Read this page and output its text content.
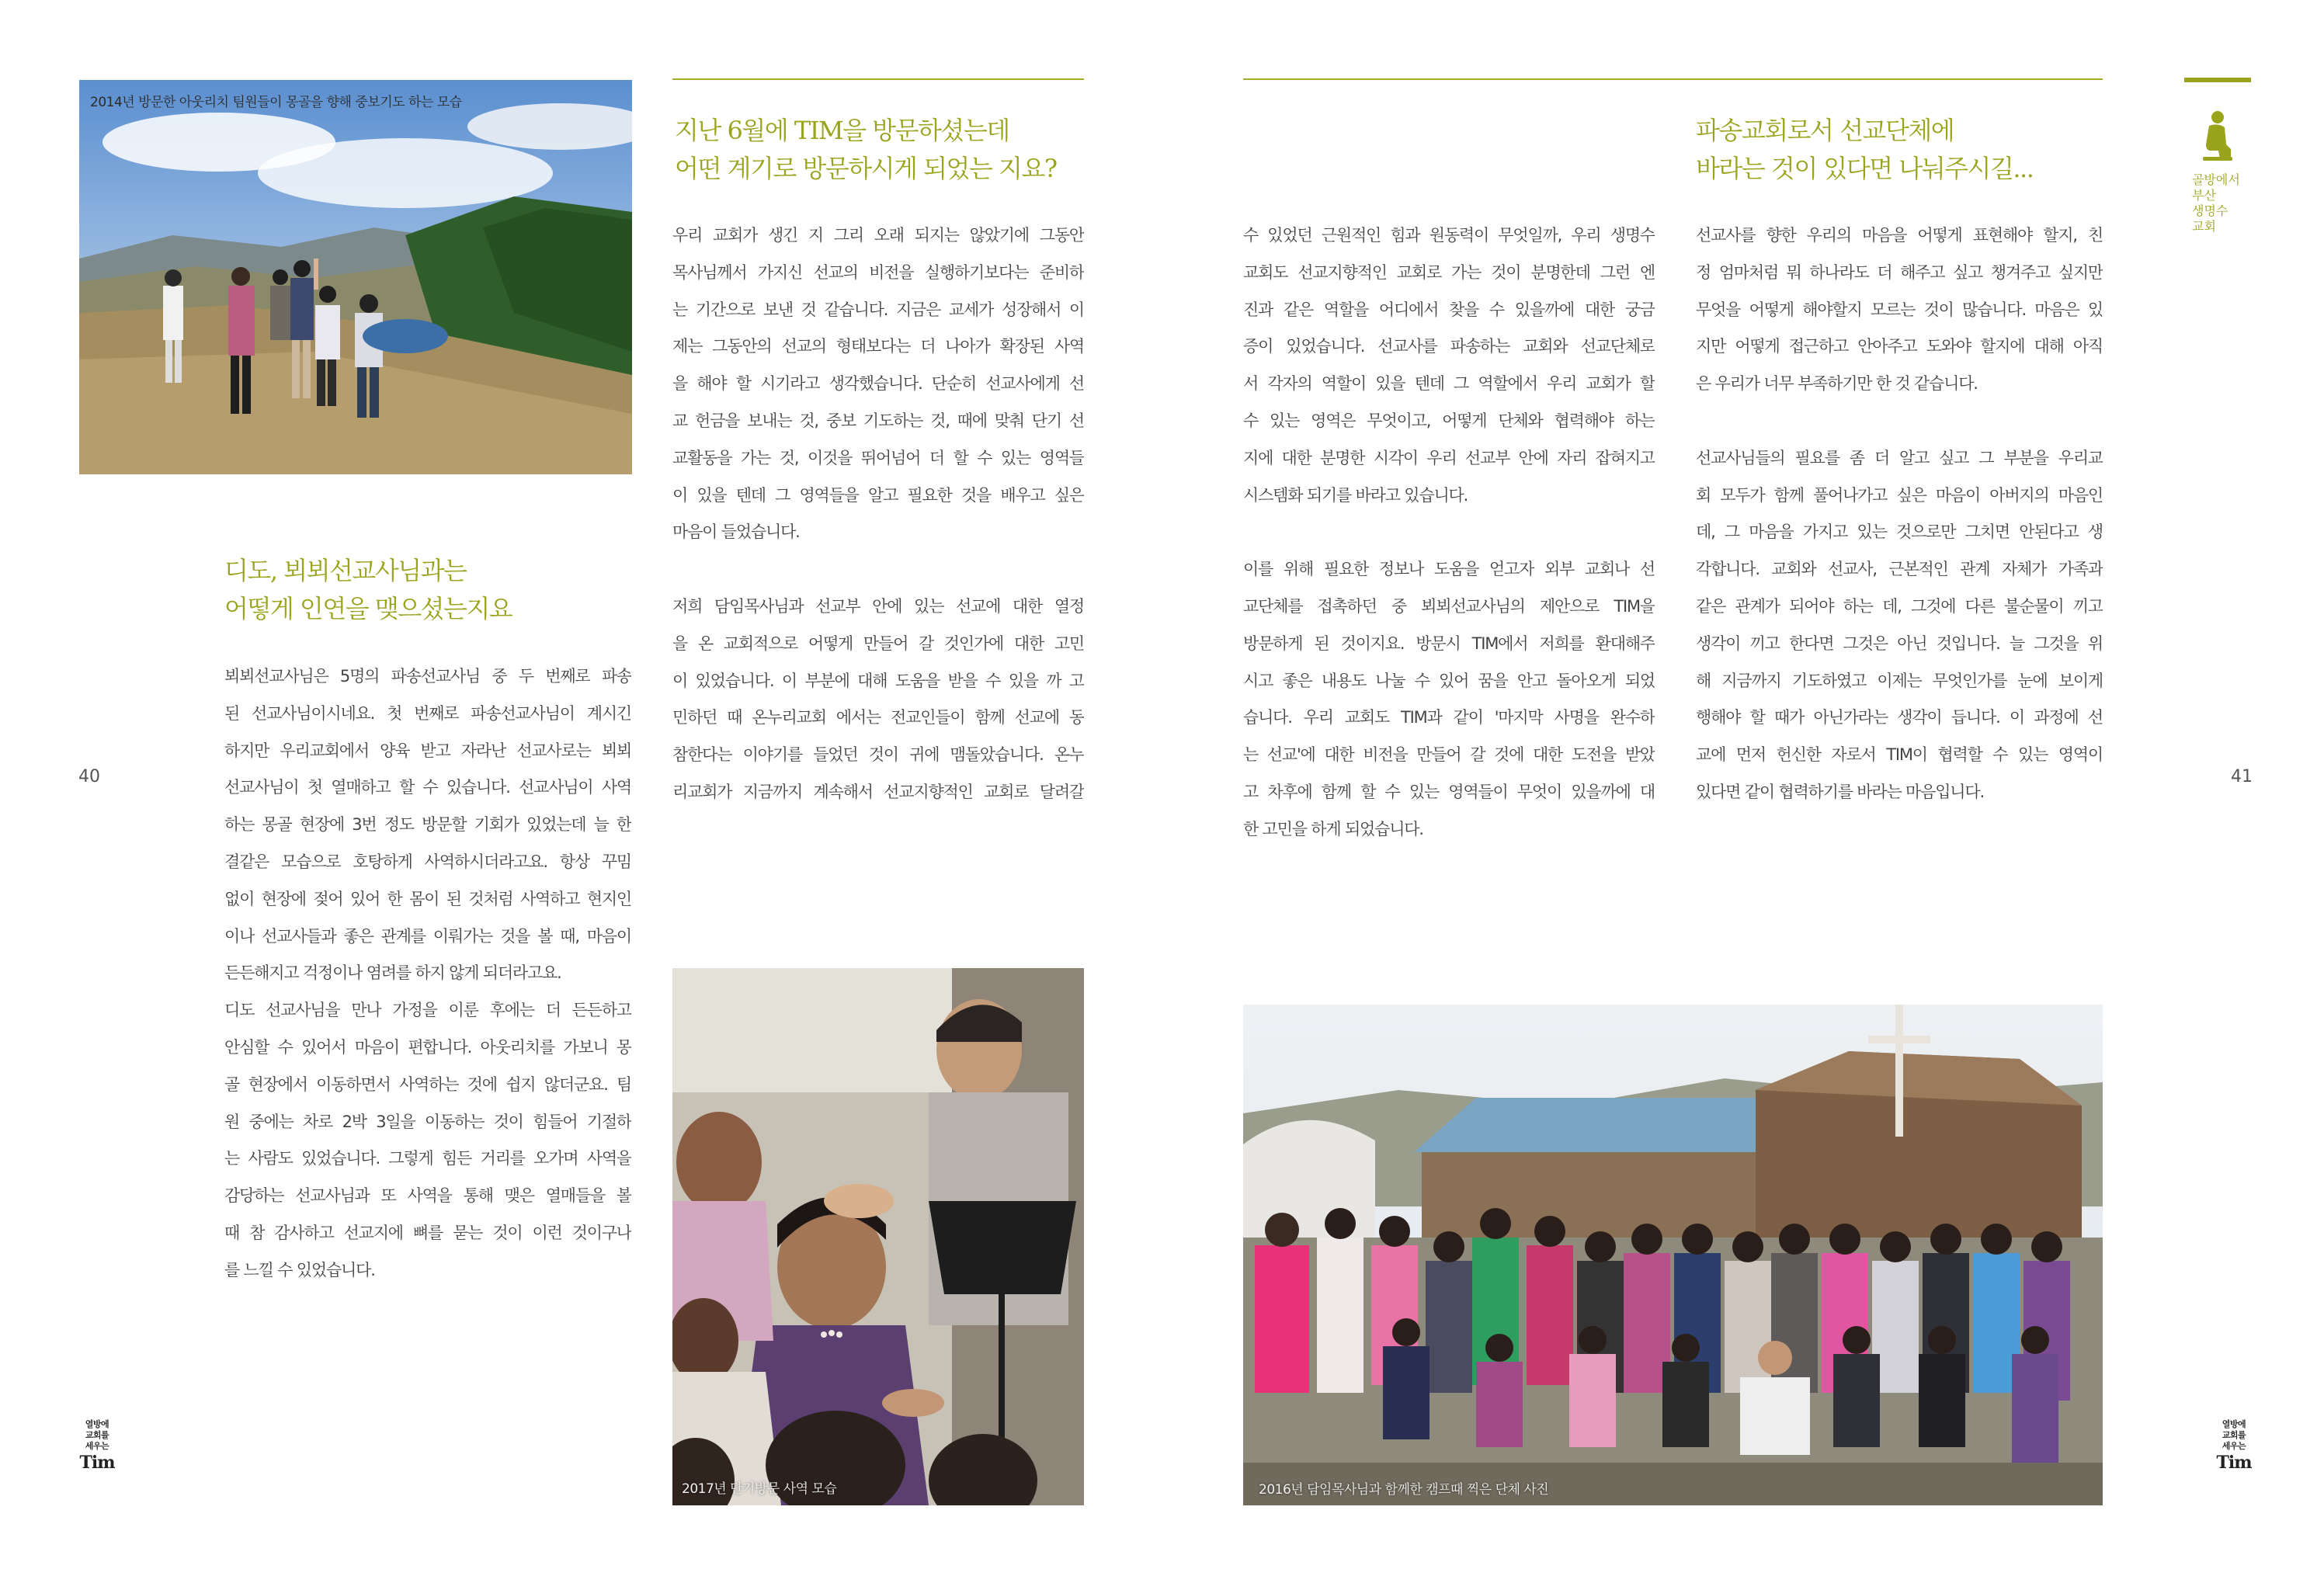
2014년 방문한 아웃리치 팀원들이 몽골을 향해 중보기도 하는 모습
2017년 단기방문 사역 모습	2016년 담임목사님과 함께한 캠프때 찍은 단체 사진
지난 6월에 TIM을 방문하셨는데
어떤 계기로 방문하시게 되었는 지요?

우리 교회가 생긴 지 그리 오래 되지는 않았기에 그동안
목사님께서 가지신 선교의 비전을 실행하기보다는 준비하
는 기간으로 보낸 것 같습니다. 지금은 교세가 성장해서 이
제는 그동안의 선교의 형태보다는 더 나아가 확장된 사역
을 해야 할 시기라고 생각했습니다. 단순히 선교사에게 선
교 헌금을 보내는 것, 중보 기도하는 것, 때에 맞춰 단기 선
교활동을 가는 것, 이것을 뛰어넘어 더 할 수 있는 영역들
이 있을 텐데 그 영역들을 알고 필요한 것을 배우고 싶은
마음이 들었습니다.

저희 담임목사님과 선교부 안에 있는 선교에 대한 열정
을 온 교회적으로 어떻게 만들어 갈 것인가에 대한 고민
이 있었습니다. 이 부분에 대해 도움을 받을 수 있을 까 고
민하던 때 온누리교회 에서는 전교인들이 함께 선교에 동
참한다는 이야기를 들었던 것이 귀에 맴돌았습니다. 온누
리교회가 지금까지 계속해서 선교지향적인 교회로 달려갈

수 있었던 근원적인 힘과 원동력이 무엇일까, 우리 생명수
교회도 선교지향적인 교회로 가는 것이 분명한데 그런 엔
진과 같은 역할을 어디에서 찾을 수 있을까에 대한 궁금
증이 있었습니다. 선교사를 파송하는 교회와 선교단체로
서 각자의 역할이 있을 텐데 그 역할에서 우리 교회가 할
수 있는 영역은 무엇이고, 어떻게 단체와 협력해야 하는
지에 대한 분명한 시각이 우리 선교부 안에 자리 잡혀지고
시스템화 되기를 바라고 있습니다.

이를 위해 필요한 정보나 도움을 얻고자 외부 교회나 선
교단체를 접촉하던 중 뵈뵈선교사님의 제안으로 TIM을
방문하게 된 것이지요. 방문시 TIM에서 저희를 환대해주
시고 좋은 내용도 나눌 수 있어 꿈을 안고 돌아오게 되었
습니다. 우리 교회도 TIM과 같이 '마지막 사명을 완수하
는 선교'에 대한 비전을 만들어 갈 것에 대한 도전을 받았
고 차후에 함께 할 수 있는 영역들이 무엇이 있을까에 대
한 고민을 하게 되었습니다.

디도, 뵈뵈선교사님과는
어떻게 인연을 맺으셨는지요

뵈뵈선교사님은 5명의 파송선교사님 중 두 번째로 파송
된 선교사님이시네요. 첫 번째로 파송선교사님이 계시긴
하지만 우리교회에서 양육 받고 자라난 선교사로는 뵈뵈
선교사님이 첫 열매하고 할 수 있습니다. 선교사님이 사역
하는 몽골 현장에 3번 정도 방문할 기회가 있었는데 늘 한
결같은 모습으로 호탕하게 사역하시더라고요. 항상 꾸밈
없이 현장에 젖어 있어 한 몸이 된 것처럼 사역하고 현지인
이나 선교사들과 좋은 관계를 이뤄가는 것을 볼 때, 마음이
든든해지고 걱정이나 염려를 하지 않게 되더라고요.

디도 선교사님을 만나 가정을 이룬 후에는 더 든든하고
안심할 수 있어서 마음이 편합니다. 아웃리치를 가보니 몽
골 현장에서 이동하면서 사역하는 것에 쉽지 않더군요. 팀
원 중에는 차로 2박 3일을 이동하는 것이 힘들어 기절하
는 사람도 있었습니다. 그렇게 힘든 거리를 오가며 사역을
감당하는 선교사님과 또 사역을 통해 맺은 열매들을 볼
때 참 감사하고 선교지에 뼈를 묻는 것이 이런 것이구나
를 느낄 수 있었습니다.

파송교회로서 선교단체에
바라는 것이 있다면 나눠주시길...

선교사를 향한 우리의 마음을 어떻게 표현해야 할지, 친
정 엄마처럼 뭐 하나라도 더 해주고 싶고 챙겨주고 싶지만
무엇을 어떻게 해야할지 모르는 것이 많습니다. 마음은 있
지만 어떻게 접근하고 안아주고 도와야 할지에 대해 아직
은 우리가 너무 부족하기만 한 것 같습니다.

선교사님들의 필요를 좀 더 알고 싶고 그 부분을 우리교
회 모두가 함께 풀어나가고 싶은 마음이 아버지의 마음인
데, 그 마음을 가지고 있는 것으로만 그치면 안된다고 생
각합니다. 교회와 선교사, 근본적인 관계 자체가 가족과
같은 관계가 되어야 하는 데, 그것에 다른 불순물이 끼고
생각이 끼고 한다면 그것은 아닌 것입니다. 늘 그것을 위
해 지금까지 기도하였고 이제는 무엇인가를 눈에 보이게
행해야 할 때가 아닌가라는 생각이 듭니다. 이 과정에 선
교에 먼저 헌신한 자로서 TIM이 협력할 수 있는 영역이
있다면 같이 협력하기를 바라는 마음입니다.

40	41
골방에서
부산
생명수
교회
열방에
교회를
세우는
Tim
열방에
교회를
세우는
Tim
